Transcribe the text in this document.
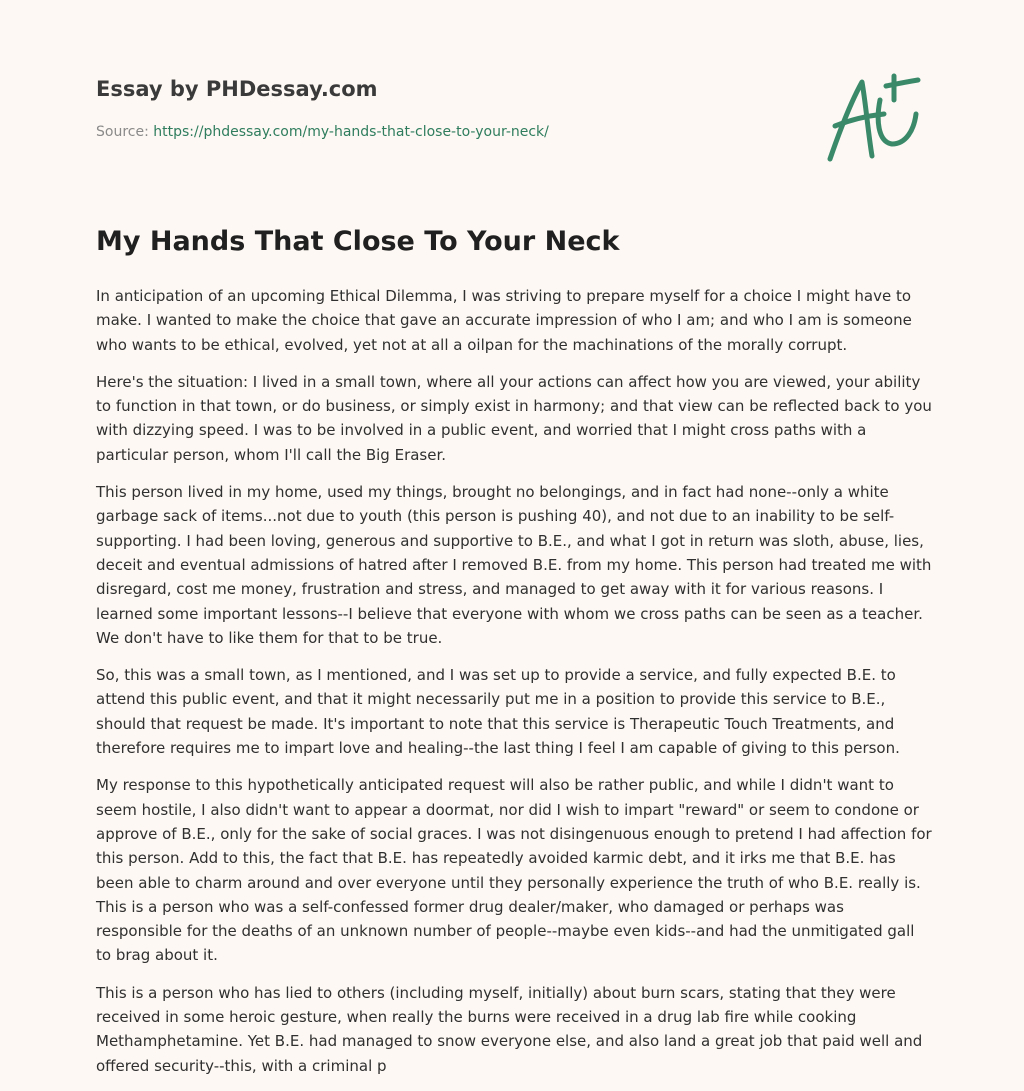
Essay by PHDessay.com
Source: https://phdessay.com/my-hands-that-close-to-your-neck/
My Hands That Close To Your Neck

In anticipation of an upcoming Ethical Dilemma, I was striving to prepare myself for a choice I might have to make. I wanted to make the choice that gave an accurate impression of who I am; and who I am is someone who wants to be ethical, evolved, yet not at all a oilpan for the machinations of the morally corrupt.

Here's the situation: I lived in a small town, where all your actions can affect how you are viewed, your ability to function in that town, or do business, or simply exist in harmony; and that view can be reflected back to you with dizzying speed. I was to be involved in a public event, and worried that I might cross paths with a particular person, whom I'll call the Big Eraser.

This person lived in my home, used my things, brought no belongings, and in fact had none--only a white garbage sack of items...not due to youth (this person is pushing 40), and not due to an inability to be self-supporting. I had been loving, generous and supportive to B.E., and what I got in return was sloth, abuse, lies, deceit and eventual admissions of hatred after I removed B.E. from my home. This person had treated me with disregard, cost me money, frustration and stress, and managed to get away with it for various reasons. I learned some important lessons--I believe that everyone with whom we cross paths can be seen as a teacher. We don't have to like them for that to be true.

So, this was a small town, as I mentioned, and I was set up to provide a service, and fully expected B.E. to attend this public event, and that it might necessarily put me in a position to provide this service to B.E., should that request be made. It's important to note that this service is Therapeutic Touch Treatments, and therefore requires me to impart love and healing--the last thing I feel I am capable of giving to this person.

My response to this hypothetically anticipated request will also be rather public, and while I didn't want to seem hostile, I also didn't want to appear a doormat, nor did I wish to impart "reward" or seem to condone or approve of B.E., only for the sake of social graces. I was not disingenuous enough to pretend I had affection for this person. Add to this, the fact that B.E. has repeatedly avoided karmic debt, and it irks me that B.E. has been able to charm around and over everyone until they personally experience the truth of who B.E. really is. This is a person who was a self-confessed former drug dealer/maker, who damaged or perhaps was responsible for the deaths of an unknown number of people--maybe even kids--and had the unmitigated gall to brag about it.

This is a person who has lied to others (including myself, initially) about burn scars, stating that they were received in some heroic gesture, when really the burns were received in a drug lab fire while cooking Methamphetamine. Yet B.E. had managed to snow everyone else, and also land a great job that paid well and offered security--this, with a criminal p
